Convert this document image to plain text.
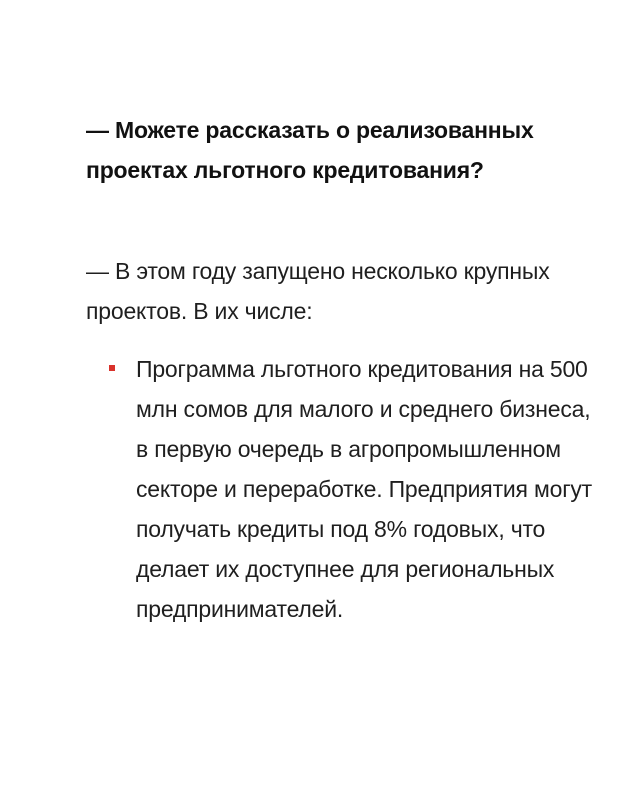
— Можете рассказать о реализованных проектах льготного кредитования?

— В этом году запущено несколько крупных проектов. В их числе:

Программа льготного кредитования на 500 млн сомов для малого и среднего бизнеса, в первую очередь в агропромышленном секторе и переработке. Предприятия могут получать кредиты под 8% годовых, что делает их доступнее для региональных предпринимателей.
